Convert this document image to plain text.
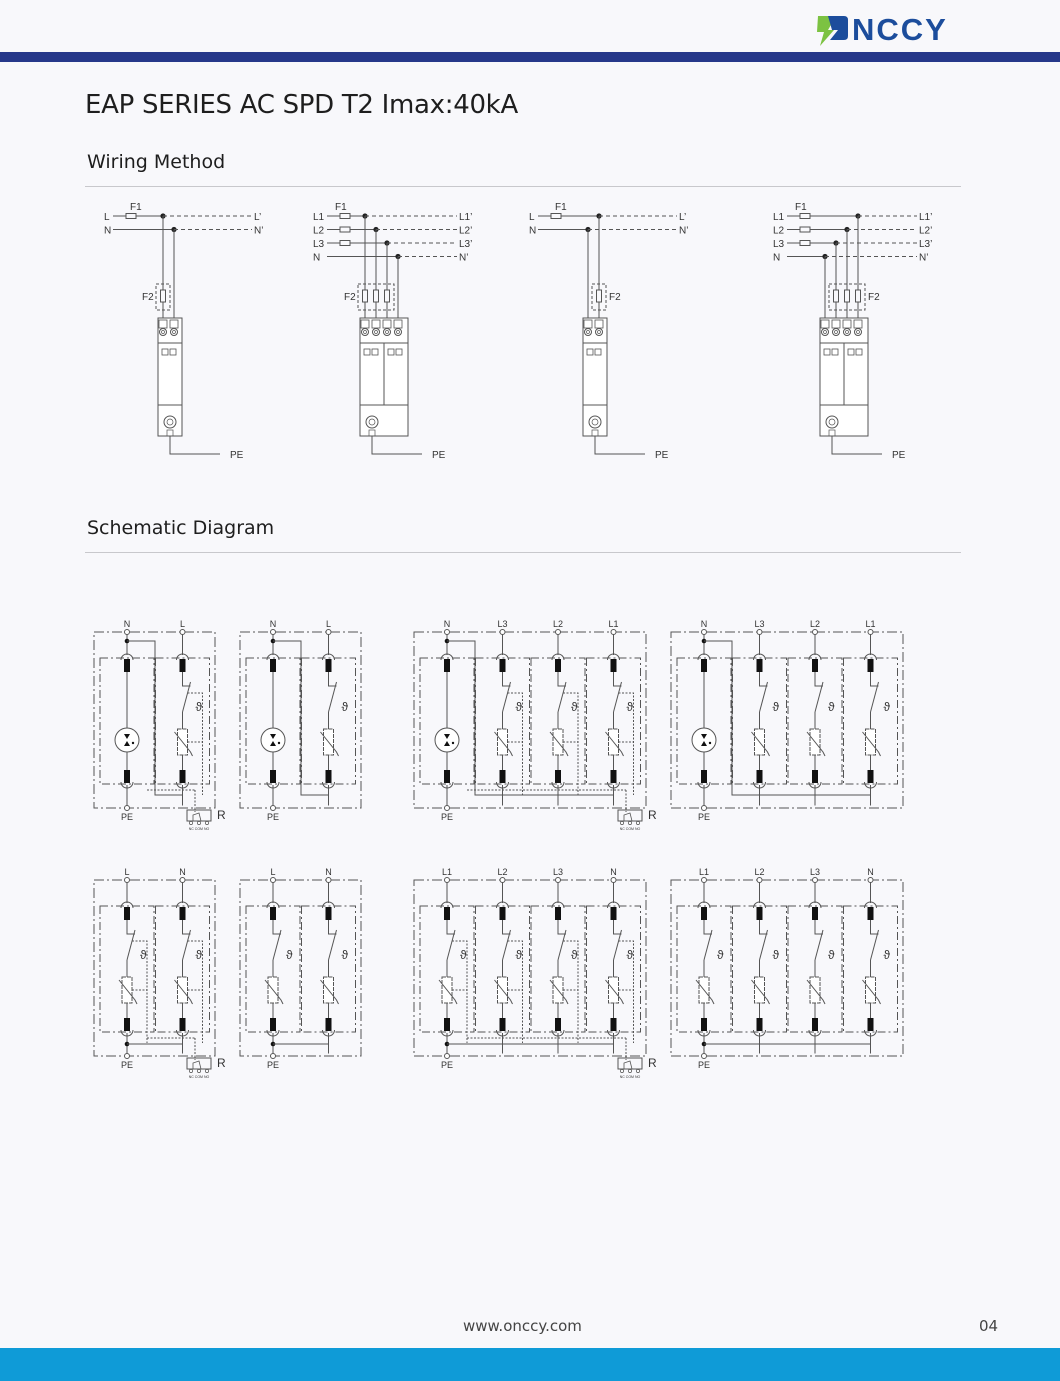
NCCY
EAP SERIES AC SPD T2 Imax:40kA
Wiring Method
F1
L	L’
N	N’
F2
PE
F1
L1	L1’
L2	L2’
L3	L3’
N	N’
F2
PE
F1
L	L’
N	N’
F2
PE
F1
L1	L1’
L2	L2’
L3	L3’
N	N’
F2
PE
Schematic Diagram
N	L
ϑ
PE
NC COM NO
R
N	L
ϑ
PE
N	L3
ϑ
L2
ϑ
L1
ϑ
PE
NC COM NO
R
N	L3
ϑ
L2
ϑ
L1
ϑ
PE
L
ϑ
N
ϑ
PE
NC COM NO
R
L
ϑ
N
ϑ
PE
L1
ϑ
L2
ϑ
L3
ϑ
N
ϑ
PE
NC COM NO
R
L1
ϑ
L2
ϑ
L3
ϑ
N
ϑ
PE
www.onccy.com	04
